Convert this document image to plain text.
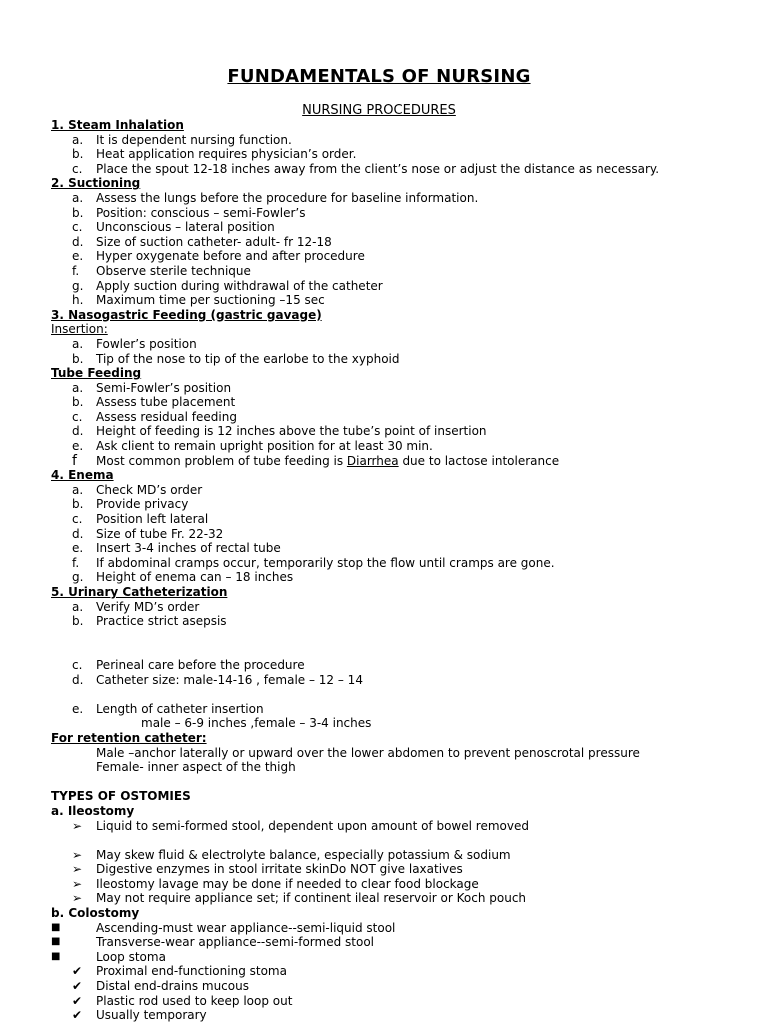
FUNDAMENTALS OF NURSING
NURSING PROCEDURES
1. Steam Inhalation
a.	It is dependent nursing function.
b.	Heat application requires physician’s order.
c.	Place the spout 12-18 inches away from the client’s nose or adjust the distance as necessary.
2. Suctioning
a.	Assess the lungs before the procedure for baseline information.
b.	Position: conscious – semi-Fowler’s
c.	Unconscious – lateral position
d.	Size of suction catheter- adult- fr 12-18
e.	Hyper oxygenate before and after procedure
f.	Observe sterile technique
g.	Apply suction during withdrawal of the catheter
h.	Maximum time per suctioning –15 sec
3. Nasogastric Feeding (gastric gavage)
Insertion:
a.	Fowler’s position
b.	Tip of the nose to tip of the earlobe to the xyphoid
Tube Feeding
a.	Semi-Fowler’s position
b.	Assess tube placement
c.	Assess residual feeding
d.	Height of feeding is 12 inches above the tube’s point of insertion
e.	Ask client to remain upright position for at least 30 min.
f	Most common problem of tube feeding is Diarrhea due to lactose intolerance
4. Enema
a.	Check MD’s order
b.	Provide privacy
c.	Position left lateral
d.	Size of tube Fr. 22-32
e.	Insert 3-4 inches of rectal tube
f.	If abdominal cramps occur, temporarily stop the flow until cramps are gone.
g.	Height of enema can – 18 inches
5. Urinary Catheterization
a.	Verify MD’s order
b.	Practice strict asepsis
c.	Perineal care before the procedure
d.	Catheter size: male-14-16 , female – 12 – 14
e.	Length of catheter insertion
male – 6-9 inches ,female – 3-4 inches
For retention catheter:
Male –anchor laterally or upward over the lower abdomen to prevent penoscrotal pressure
Female- inner aspect of the thigh
TYPES OF OSTOMIES
a. Ileostomy
➢	Liquid to semi-formed stool, dependent upon amount of bowel removed
➢	May skew fluid & electrolyte balance, especially potassium & sodium
➢	Digestive enzymes in stool irritate skinDo NOT give laxatives
➢	Ileostomy lavage may be done if needed to clear food blockage
➢	May not require appliance set; if continent ileal reservoir or Koch pouch
b. Colostomy
■	Ascending-must wear appliance--semi-liquid stool
■	Transverse-wear appliance--semi-formed stool
■	Loop stoma
✔	Proximal end-functioning stoma
✔	Distal end-drains mucous
✔	Plastic rod used to keep loop out
✔	Usually temporary
